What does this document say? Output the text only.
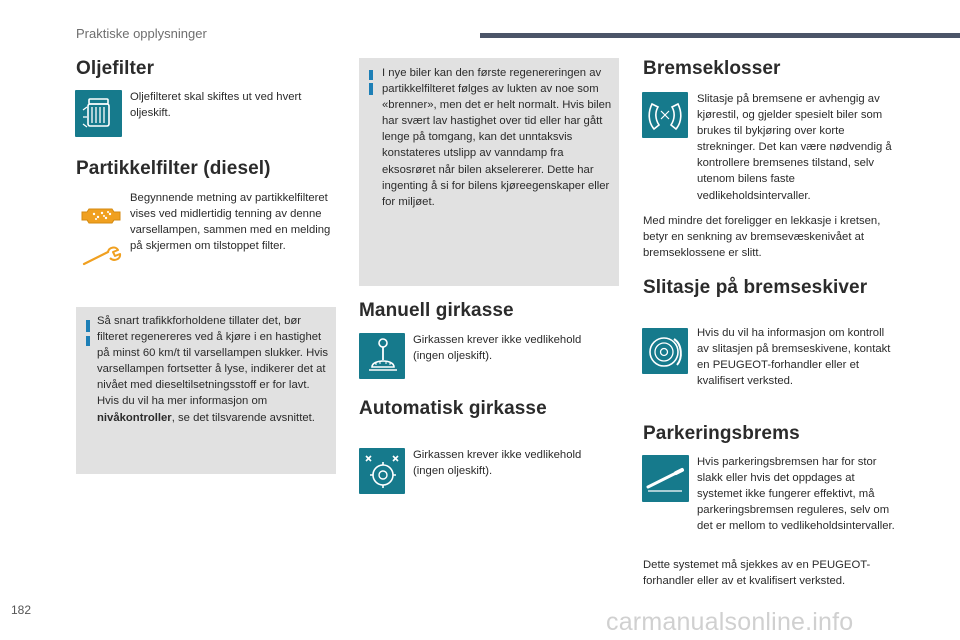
Praktiske opplysninger
Oljefilter
Oljefilteret skal skiftes ut ved hvert oljeskift.
Partikkelfilter (diesel)
Begynnende metning av partikkelfilteret vises ved midlertidig tenning av denne varsellampen, sammen med en melding på skjermen om tilstoppet filter.
Så snart trafikkforholdene tillater det, bør filteret regenereres ved å kjøre i en hastighet på minst 60 km/t til varsellampen slukker. Hvis varsellampen fortsetter å lyse, indikerer det at nivået med dieseltilsetningsstoff er for lavt. Hvis du vil ha mer informasjon om nivåkontroller, se det tilsvarende avsnittet.
I nye biler kan den første regenereringen av partikkelfilteret følges av lukten av noe som «brenner», men det er helt normalt. Hvis bilen har svært lav hastighet over tid eller har gått lenge på tomgang, kan det unntaksvis konstateres utslipp av vanndamp fra eksosrøret når bilen akselererer. Dette har ingenting å si for bilens kjøreegenskaper eller for miljøet.
Manuell girkasse
Girkassen krever ikke vedlikehold (ingen oljeskift).
Automatisk girkasse
Girkassen krever ikke vedlikehold (ingen oljeskift).
Bremseklosser
Slitasje på bremsene er avhengig av kjørestil, og gjelder spesielt biler som brukes til bykjøring over korte strekninger. Det kan være nødvendig å kontrollere bremsenes tilstand, selv utenom bilens faste vedlikeholdsintervaller.
Med mindre det foreligger en lekkasje i kretsen, betyr en senkning av bremsevæskenivået at bremseklossene er slitt.
Slitasje på bremseskiver
Hvis du vil ha informasjon om kontroll av slitasjen på bremseskivene, kontakt en PEUGEOT-forhandler eller et kvalifisert verksted.
Parkeringsbrems
Hvis parkeringsbremsen har for stor slakk eller hvis det oppdages at systemet ikke fungerer effektivt, må parkeringsbremsen reguleres, selv om det er mellom to vedlikeholdsintervaller.
Dette systemet må sjekkes av en PEUGEOT-forhandler eller av et kvalifisert verksted.
182	carmanualsonline.info
